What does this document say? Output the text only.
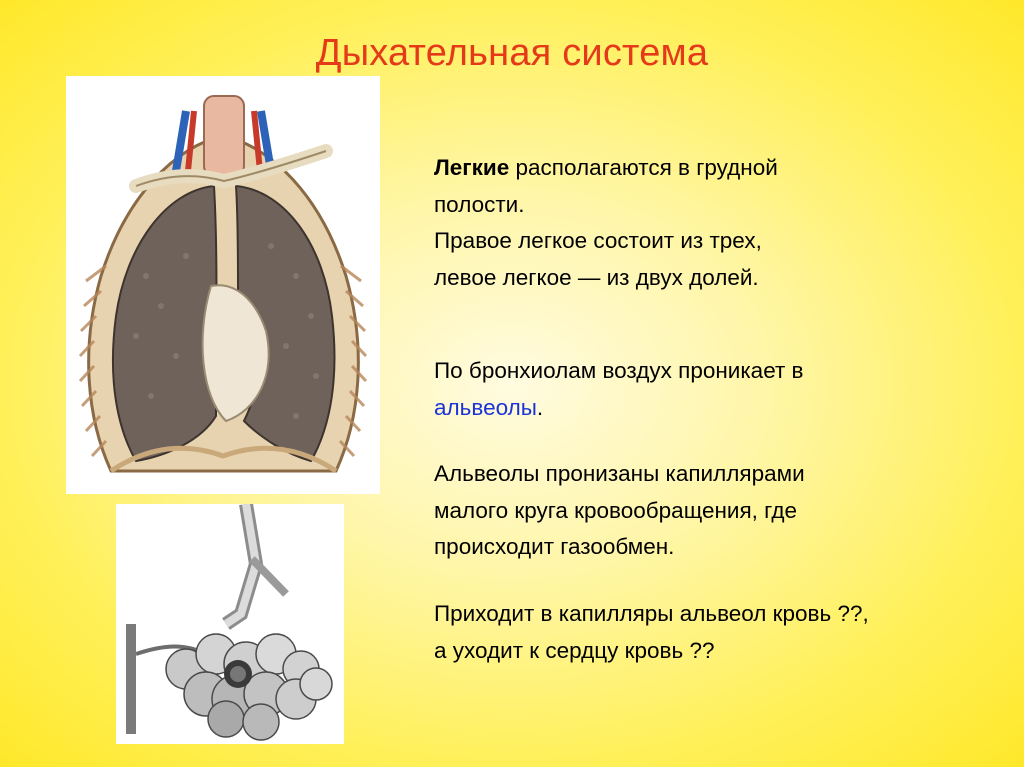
Дыхательная система

Легкие располагаются в грудной

полости.

Правое легкое состоит из трех,

левое легкое — из двух долей.

По бронхиолам воздух проникает в

альвеолы.

Альвеолы пронизаны капиллярами

малого круга кровообращения, где

происходит газообмен.

Приходит в капилляры альвеол кровь ??,

а уходит к сердцу кровь ??
